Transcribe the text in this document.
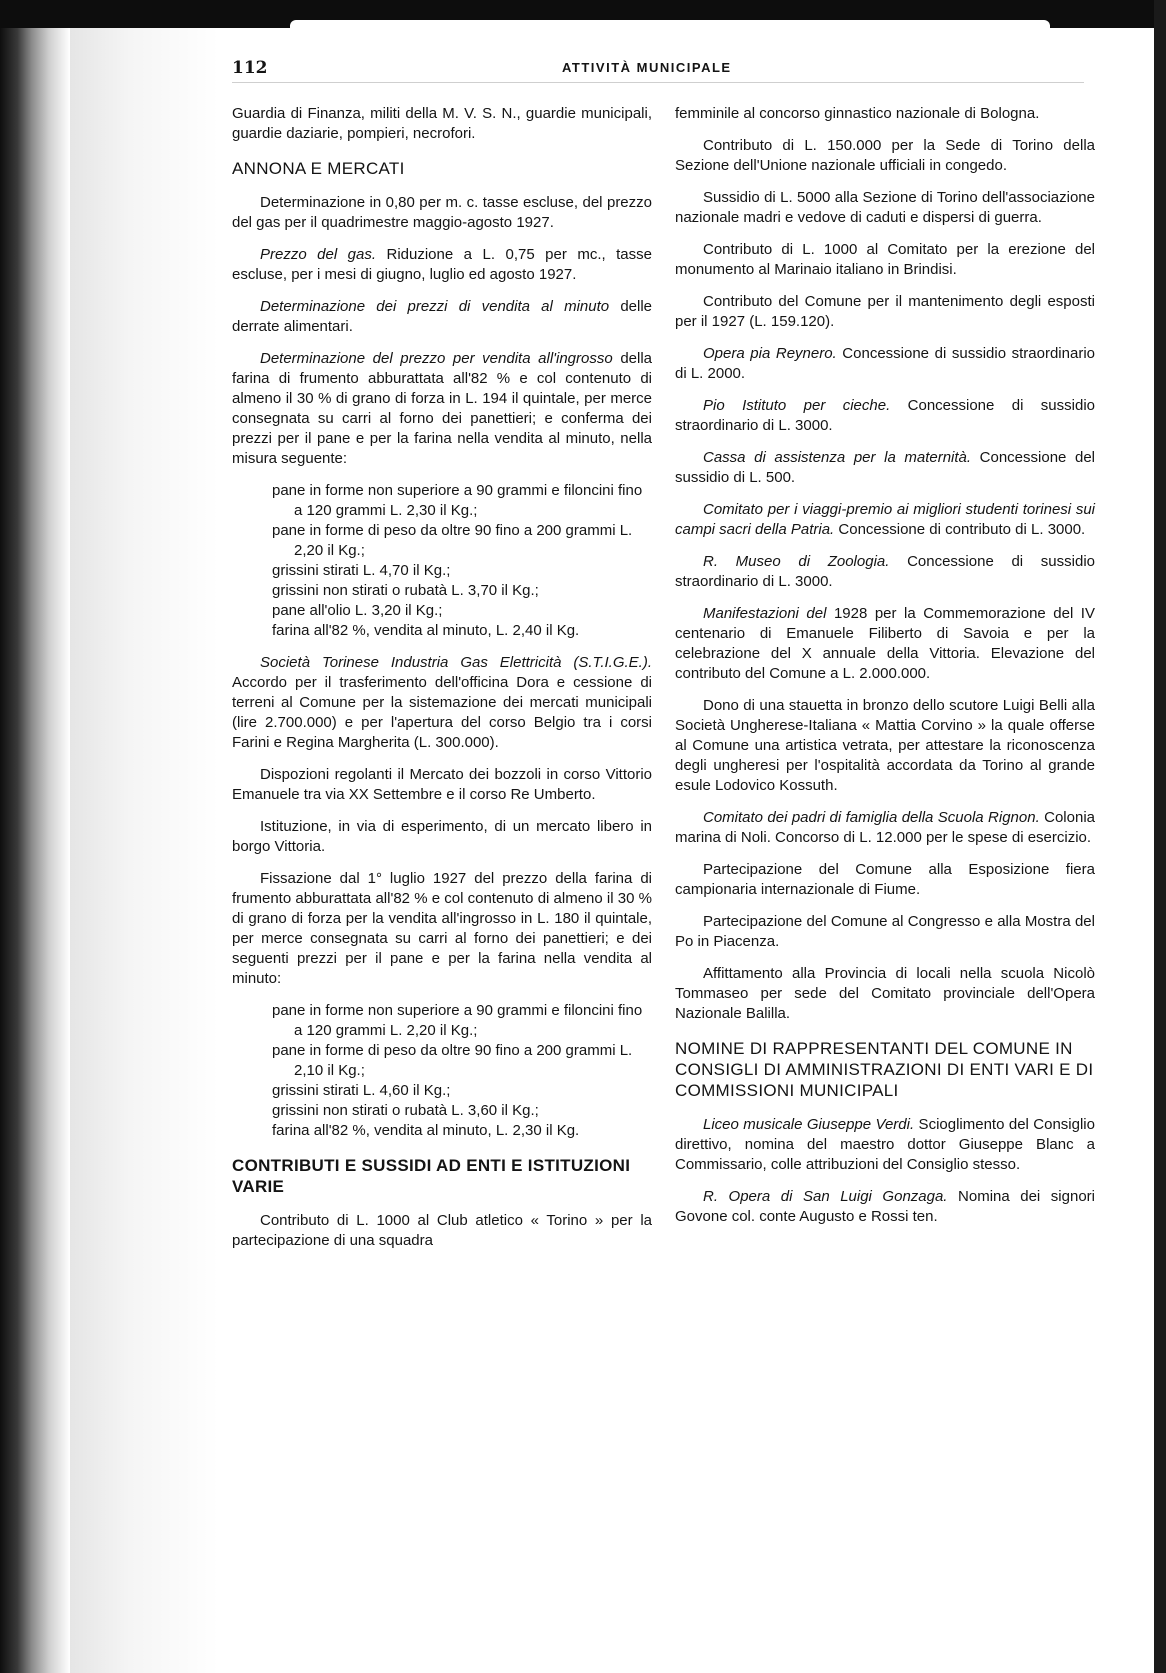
112	ATTIVITÀ MUNICIPALE

Guardia di Finanza, militi della M. V. S. N., guardie municipali, guardie daziarie, pompieri, necrofori.

ANNONA E MERCATI

Determinazione in 0,80 per m. c. tasse escluse, del prezzo del gas per il quadrimestre maggio-agosto 1927.

Prezzo del gas. Riduzione a L. 0,75 per mc., tasse escluse, per i mesi di giugno, luglio ed agosto 1927.

Determinazione dei prezzi di vendita al minuto delle derrate alimentari.

Determinazione del prezzo per vendita all'ingrosso della farina di frumento abburattata all'82 % e col contenuto di almeno il 30 % di grano di forza in L. 194 il quintale, per merce consegnata su carri al forno dei panettieri; e conferma dei prezzi per il pane e per la farina nella vendita al minuto, nella misura seguente:

pane in forme non superiore a 90 grammi e filoncini fino a 120 grammi L. 2,30 il Kg.;
pane in forme di peso da oltre 90 fino a 200 grammi L. 2,20 il Kg.;
grissini stirati L. 4,70 il Kg.;
grissini non stirati o rubatà L. 3,70 il Kg.;
pane all'olio L. 3,20 il Kg.;
farina all'82 %, vendita al minuto, L. 2,40 il Kg.

Società Torinese Industria Gas Elettricità (S.T.I.G.E.). Accordo per il trasferimento dell'officina Dora e cessione di terreni al Comune per la sistemazione dei mercati municipali (lire 2.700.000) e per l'apertura del corso Belgio tra i corsi Farini e Regina Margherita (L. 300.000).

Dispozioni regolanti il Mercato dei bozzoli in corso Vittorio Emanuele tra via XX Settembre e il corso Re Umberto.

Istituzione, in via di esperimento, di un mercato libero in borgo Vittoria.

Fissazione dal 1° luglio 1927 del prezzo della farina di frumento abburattata all'82 % e col contenuto di almeno il 30 % di grano di forza per la vendita all'ingrosso in L. 180 il quintale, per merce consegnata su carri al forno dei panettieri; e dei seguenti prezzi per il pane e per la farina nella vendita al minuto:

pane in forme non superiore a 90 grammi e filoncini fino a 120 grammi L. 2,20 il Kg.;
pane in forme di peso da oltre 90 fino a 200 grammi L. 2,10 il Kg.;
grissini stirati L. 4,60 il Kg.;
grissini non stirati o rubatà L. 3,60 il Kg.;
farina all'82 %, vendita al minuto, L. 2,30 il Kg.
CONTRIBUTI E SUSSIDI AD ENTI E ISTITUZIONI VARIE

Contributo di L. 1000 al Club atletico « Torino » per la partecipazione di una squadra

femminile al concorso ginnastico nazionale di Bologna.

Contributo di L. 150.000 per la Sede di Torino della Sezione dell'Unione nazionale ufficiali in congedo.

Sussidio di L. 5000 alla Sezione di Torino dell'associazione nazionale madri e vedove di caduti e dispersi di guerra.

Contributo di L. 1000 al Comitato per la erezione del monumento al Marinaio italiano in Brindisi.

Contributo del Comune per il mantenimento degli esposti per il 1927 (L. 159.120).

Opera pia Reynero. Concessione di sussidio straordinario di L. 2000.

Pio Istituto per cieche. Concessione di sussidio straordinario di L. 3000.

Cassa di assistenza per la maternità. Concessione del sussidio di L. 500.

Comitato per i viaggi-premio ai migliori studenti torinesi sui campi sacri della Patria. Concessione di contributo di L. 3000.

R. Museo di Zoologia. Concessione di sussidio straordinario di L. 3000.

Manifestazioni del 1928 per la Commemorazione del IV centenario di Emanuele Filiberto di Savoia e per la celebrazione del X annuale della Vittoria. Elevazione del contributo del Comune a L. 2.000.000.

Dono di una stauetta in bronzo dello scutore Luigi Belli alla Società Ungherese-Italiana « Mattia Corvino » la quale offerse al Comune una artistica vetrata, per attestare la riconoscenza degli ungheresi per l'ospitalità accordata da Torino al grande esule Lodovico Kossuth.

Comitato dei padri di famiglia della Scuola Rignon. Colonia marina di Noli. Concorso di L. 12.000 per le spese di esercizio.

Partecipazione del Comune alla Esposizione fiera campionaria internazionale di Fiume.

Partecipazione del Comune al Congresso e alla Mostra del Po in Piacenza.

Affittamento alla Provincia di locali nella scuola Nicolò Tommaseo per sede del Comitato provinciale dell'Opera Nazionale Balilla.

NOMINE DI RAPPRESENTANTI DEL COMUNE IN CONSIGLI DI AMMINISTRAZIONI DI ENTI VARI E DI COMMISSIONI MUNICIPALI

Liceo musicale Giuseppe Verdi. Scioglimento del Consiglio direttivo, nomina del maestro dottor Giuseppe Blanc a Commissario, colle attribuzioni del Consiglio stesso.

R. Opera di San Luigi Gonzaga. Nomina dei signori Govone col. conte Augusto e Rossi ten.
